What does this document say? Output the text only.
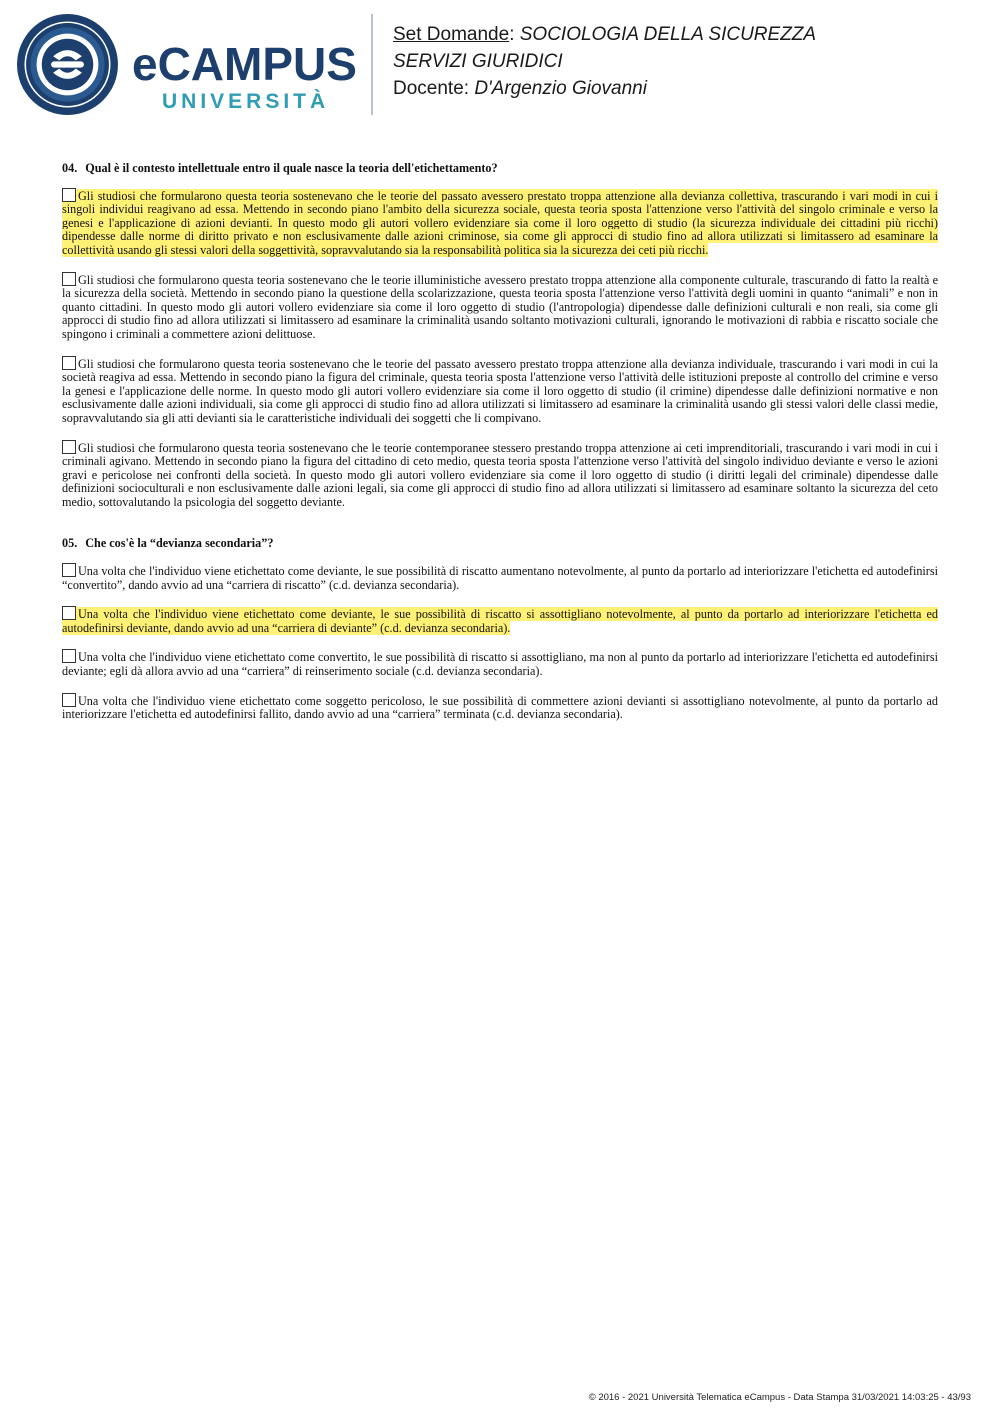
eCAMPUS
UNIVERSITÀ
Set Domande: SOCIOLOGIA DELLA SICUREZZA
SERVIZI GIURIDICI
Docente: D'Argenzio Giovanni

04. Qual è il contesto intellettuale entro il quale nasce la teoria dell'etichettamento?

Gli studiosi che formularono questa teoria sostenevano che le teorie del passato avessero prestato troppa attenzione alla devianza collettiva, trascurando i vari modi in cui i singoli individui reagivano ad essa. Mettendo in secondo piano l'ambito della sicurezza sociale, questa teoria sposta l'attenzione verso l'attività del singolo criminale e verso la genesi e l'applicazione di azioni devianti. In questo modo gli autori vollero evidenziare sia come il loro oggetto di studio (la sicurezza individuale dei cittadini più ricchi) dipendesse dalle norme di diritto privato e non esclusivamente dalle azioni criminose, sia come gli approcci di studio fino ad allora utilizzati si limitassero ad esaminare la collettività usando gli stessi valori della soggettività, sopravvalutando sia la responsabilità politica sia la sicurezza dei ceti più ricchi.

Gli studiosi che formularono questa teoria sostenevano che le teorie illuministiche avessero prestato troppa attenzione alla componente culturale, trascurando di fatto la realtà e la sicurezza della società. Mettendo in secondo piano la questione della scolarizzazione, questa teoria sposta l'attenzione verso l'attività degli uomini in quanto “animali” e non in quanto cittadini. In questo modo gli autori vollero evidenziare sia come il loro oggetto di studio (l'antropologia) dipendesse dalle definizioni culturali e non reali, sia come gli approcci di studio fino ad allora utilizzati si limitassero ad esaminare la criminalità usando soltanto motivazioni culturali, ignorando le motivazioni di rabbia e riscatto sociale che spingono i criminali a commettere azioni delittuose.

Gli studiosi che formularono questa teoria sostenevano che le teorie del passato avessero prestato troppa attenzione alla devianza individuale, trascurando i vari modi in cui la società reagiva ad essa. Mettendo in secondo piano la figura del criminale, questa teoria sposta l'attenzione verso l'attività delle istituzioni preposte al controllo del crimine e verso la genesi e l'applicazione delle norme. In questo modo gli autori vollero evidenziare sia come il loro oggetto di studio (il crimine) dipendesse dalle definizioni normative e non esclusivamente dalle azioni individuali, sia come gli approcci di studio fino ad allora utilizzati si limitassero ad esaminare la criminalità usando gli stessi valori delle classi medie, sopravvalutando sia gli atti devianti sia le caratteristiche individuali dei soggetti che li compivano.

Gli studiosi che formularono questa teoria sostenevano che le teorie contemporanee stessero prestando troppa attenzione ai ceti imprenditoriali, trascurando i vari modi in cui i criminali agivano. Mettendo in secondo piano la figura del cittadino di ceto medio, questa teoria sposta l'attenzione verso l'attività del singolo individuo deviante e verso le azioni gravi e pericolose nei confronti della società. In questo modo gli autori vollero evidenziare sia come il loro oggetto di studio (i diritti legali del criminale) dipendesse dalle definizioni socioculturali e non esclusivamente dalle azioni legali, sia come gli approcci di studio fino ad allora utilizzati si limitassero ad esaminare soltanto la sicurezza del ceto medio, sottovalutando la psicologia del soggetto deviante.

05. Che cos'è la “devianza secondaria”?

Una volta che l'individuo viene etichettato come deviante, le sue possibilità di riscatto aumentano notevolmente, al punto da portarlo ad interiorizzare l'etichetta ed autodefinirsi “convertito”, dando avvio ad una “carriera di riscatto” (c.d. devianza secondaria).

Una volta che l'individuo viene etichettato come deviante, le sue possibilità di riscatto si assottigliano notevolmente, al punto da portarlo ad interiorizzare l'etichetta ed autodefinirsi deviante, dando avvio ad una “carriera di deviante” (c.d. devianza secondaria).

Una volta che l'individuo viene etichettato come convertito, le sue possibilità di riscatto si assottigliano, ma non al punto da portarlo ad interiorizzare l'etichetta ed autodefinirsi deviante; egli dà allora avvio ad una “carriera” di reinserimento sociale (c.d. devianza secondaria).

Una volta che l'individuo viene etichettato come soggetto pericoloso, le sue possibilità di commettere azioni devianti si assottigliano notevolmente, al punto da portarlo ad interiorizzare l'etichetta ed autodefinirsi fallito, dando avvio ad una “carriera” terminata (c.d. devianza secondaria).

© 2016 - 2021 Università Telematica eCampus - Data Stampa 31/03/2021 14:03:25 - 43/93
